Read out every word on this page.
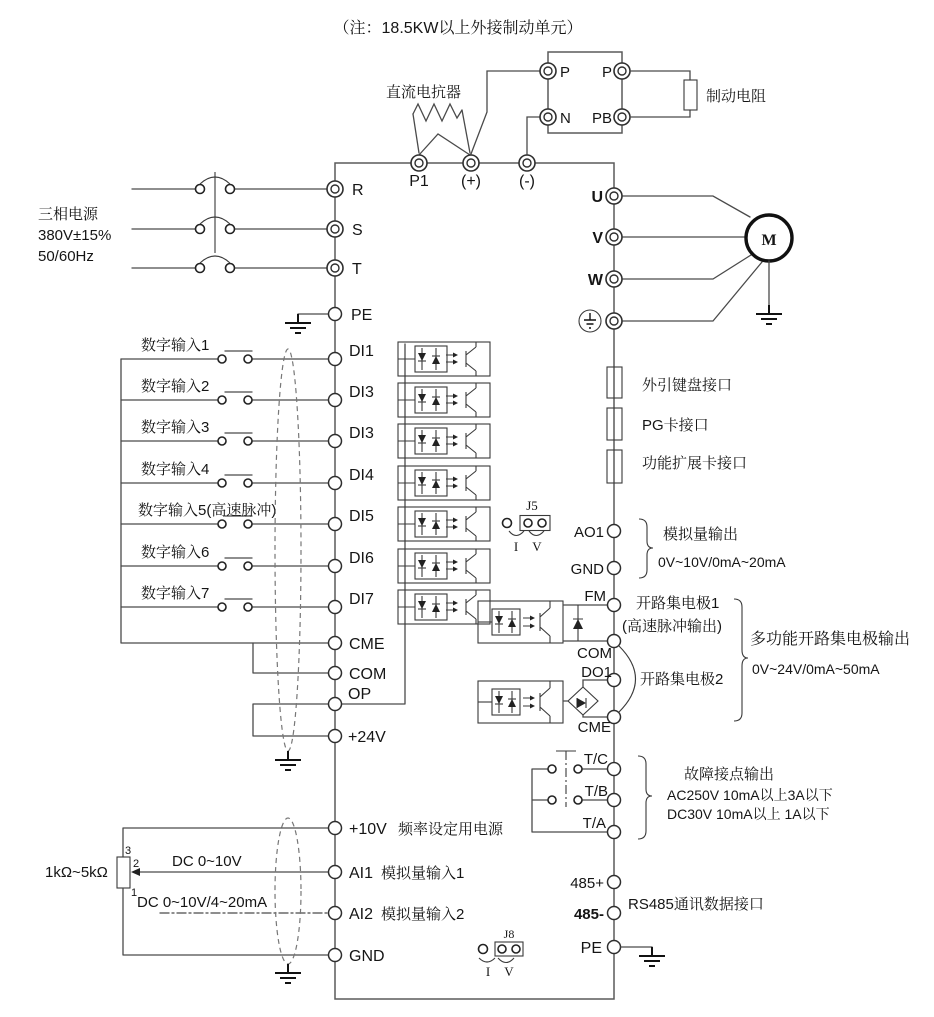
（注：18.5KW以上外接制动单元）
直流电抗器
P P
N PB
制动电阻
P1 (+) (-)
三相电源
380V±15%
50/60Hz
R
S
T
PE
数字输入1	DI1
数字输入2	DI3
数字输入3	DI3
数字输入4	DI4
数字输入5(高速脉冲)	DI5
数字输入6	DI6
数字输入7	DI7
CME
COM
OP
+24V
3
2
1
1kΩ~5kΩ
DC 0~10V
DC 0~10V/4~20mA
+10V 频率设定用电源
AI1 模拟量输入1
AI2 模拟量输入2
GND
U
V
W
M
外引键盘接口
PG卡接口
功能扩展卡接口
J5
I V
AO1
GND
模拟量输出
0V~10V/0mA~20mA
FM
COM
DO1
CME
开路集电极1
(高速脉冲输出)
开路集电极2
多功能开路集电极输出
0V~24V/0mA~50mA
T/C
T/B
T/A
故障接点输出
AC250V 10mA以上3A以下
DC30V 10mA以上 1A以下
485+
485-
RS485通讯数据接口
PE
J8
I V
